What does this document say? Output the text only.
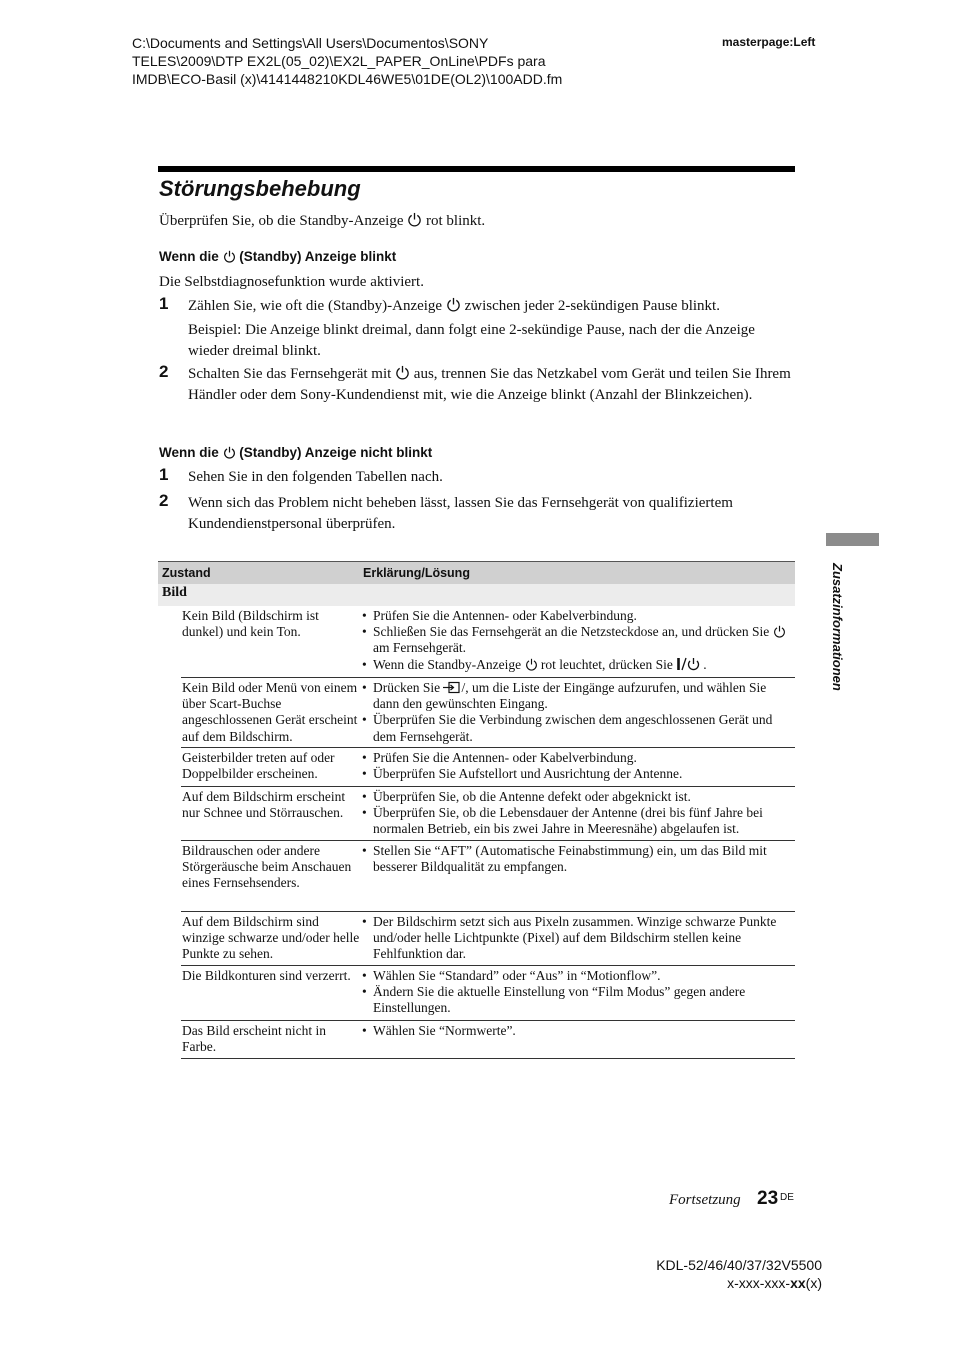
C:\Documents and Settings\All Users\Documentos\SONY
TELES\2009\DTP EX2L(05_02)\EX2L_PAPER_OnLine\PDFs para
IMDB\ECO-Basil (x)\4141448210KDL46WE5\01DE(OL2)\100ADD.fm
masterpage:Left
Störungsbehebung
Überprüfen Sie, ob die Standby-Anzeige rot blinkt.
Wenn die (Standby) Anzeige blinkt
Die Selbstdiagnosefunktion wurde aktiviert.
1 Zählen Sie, wie oft die (Standby)-Anzeige zwischen jeder 2-sekündigen Pause blinkt.
Beispiel: Die Anzeige blinkt dreimal, dann folgt eine 2-sekündige Pause, nach der die Anzeige wieder dreimal blinkt.
2 Schalten Sie das Fernsehgerät mit aus, trennen Sie das Netzkabel vom Gerät und teilen Sie Ihrem Händler oder dem Sony-Kundendienst mit, wie die Anzeige blinkt (Anzahl der Blinkzeichen).
Wenn die (Standby) Anzeige nicht blinkt
1 Sehen Sie in den folgenden Tabellen nach.
2 Wenn sich das Problem nicht beheben lässt, lassen Sie das Fernsehgerät von qualifiziertem Kundendienstpersonal überprüfen.
Zusatzinformationen
Zustand	Erklärung/Lösung
Bild
Kein Bild (Bildschirm ist dunkel) und kein Ton.

• Prüfen Sie die Antennen- oder Kabelverbindung.

• Schließen Sie das Fernsehgerät an die Netzsteckdose an, und drücken Sie  am Fernsehgerät.

• Wenn die Standby-Anzeige rot leuchtet, drücken Sie .

Kein Bild oder Menü von einem über Scart-Buchse angeschlossenen Gerät erscheint auf dem Bildschirm.

• Drücken Sie /, um die Liste der Eingänge aufzurufen, und wählen Sie dann den gewünschten Eingang.

• Überprüfen Sie die Verbindung zwischen dem angeschlossenen Gerät und dem Fernsehgerät.

Geisterbilder treten auf oder Doppelbilder erscheinen.

• Prüfen Sie die Antennen- oder Kabelverbindung.

• Überprüfen Sie Aufstellort und Ausrichtung der Antenne.

Auf dem Bildschirm erscheint nur Schnee und Störrauschen.

• Überprüfen Sie, ob die Antenne defekt oder abgeknickt ist.

• Überprüfen Sie, ob die Lebensdauer der Antenne (drei bis fünf Jahre bei normalen Betrieb, ein bis zwei Jahre in Meeresnähe) abgelaufen ist.

Bildrauschen oder andere Störgeräusche beim Anschauen eines Fernsehsenders.

• Stellen Sie “AFT” (Automatische Feinabstimmung) ein, um das Bild mit besserer Bildqualität zu empfangen.

Auf dem Bildschirm sind winzige schwarze und/oder helle Punkte zu sehen.

• Der Bildschirm setzt sich aus Pixeln zusammen. Winzige schwarze Punkte und/oder helle Lichtpunkte (Pixel) auf dem Bildschirm stellen keine Fehlfunktion dar.

Die Bildkonturen sind verzerrt.

•	Wählen Sie “Standard” oder “Aus” in “Motionflow”.

• Ändern Sie die aktuelle Einstellung von “Film Modus” gegen andere Einstellungen.

Das Bild erscheint nicht in Farbe.

• Wählen Sie “Normwerte”.

Fortsetzung 23 DE
KDL-52/46/40/37/32V5500
x-xxx-xxx-xx(x)
